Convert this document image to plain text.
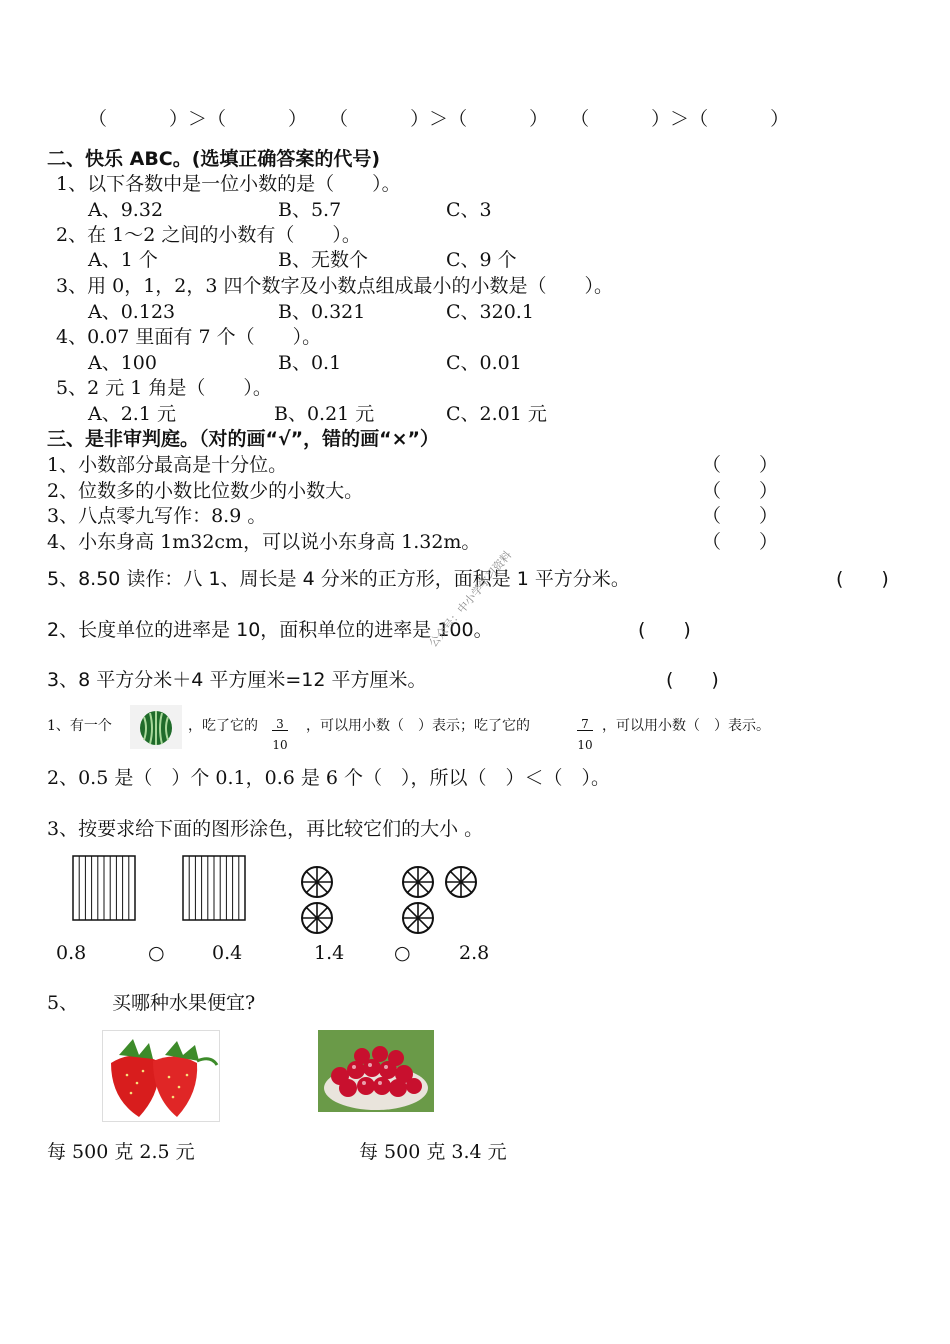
（	）＞（	） （	）＞（	） （	）＞（	）
二、快乐 ABC。(选填正确答案的代号)
1、以下各数中是一位小数的是（　　）。
A、9.32	B、5.7	C、3
2、在 1～2 之间的小数有（　　）。
A、1 个	B、无数个	C、9 个
3、用 0，1，2，3 四个数字及小数点组成最小的小数是（　　）。
A、0.123	B、0.321	C、320.1
4、0.07 里面有 7 个（　　）。
A、100	B、0.1	C、0.01
5、2 元 1 角是（　　）。
A、2.1 元	B、0.21 元	C、2.01 元
三、是非审判庭。（对的画“√”，错的画“×”）
1、小数部分最高是十分位。	（　　）
2、位数多的小数比位数少的小数大。	（　　）
3、八点零九写作：8.9 。	（　　）
4、小东身高 1m32cm，可以说小东身高 1.32m。	（　　）
5、8.50 读作：八 1、周长是 4 分米的正方形，面积是 1 平方分米。	(　　)
2、长度单位的进率是 10，面积单位的进率是 100。	(　　)
3、8 平方分米＋4 平方厘米=12 平方厘米。	(　　)
公众号：中小学学习资料
1、有一个	，吃了它的 $\frac{3}{10}$ ，可以用小数（　）表示；吃了它的	$\frac{7}{10}$ ，可以用小数（　）表示。
2、0.5 是（　）个 0.1，0.6 是 6 个（　），所以（　）＜（　）。
3、按要求给下面的图形涂色，再比较它们的大小 。
0.8	○ 0.4	1.4	○	2.8
5、 买哪种水果便宜?
每 500 克 2.5 元	每 500 克 3.4 元
